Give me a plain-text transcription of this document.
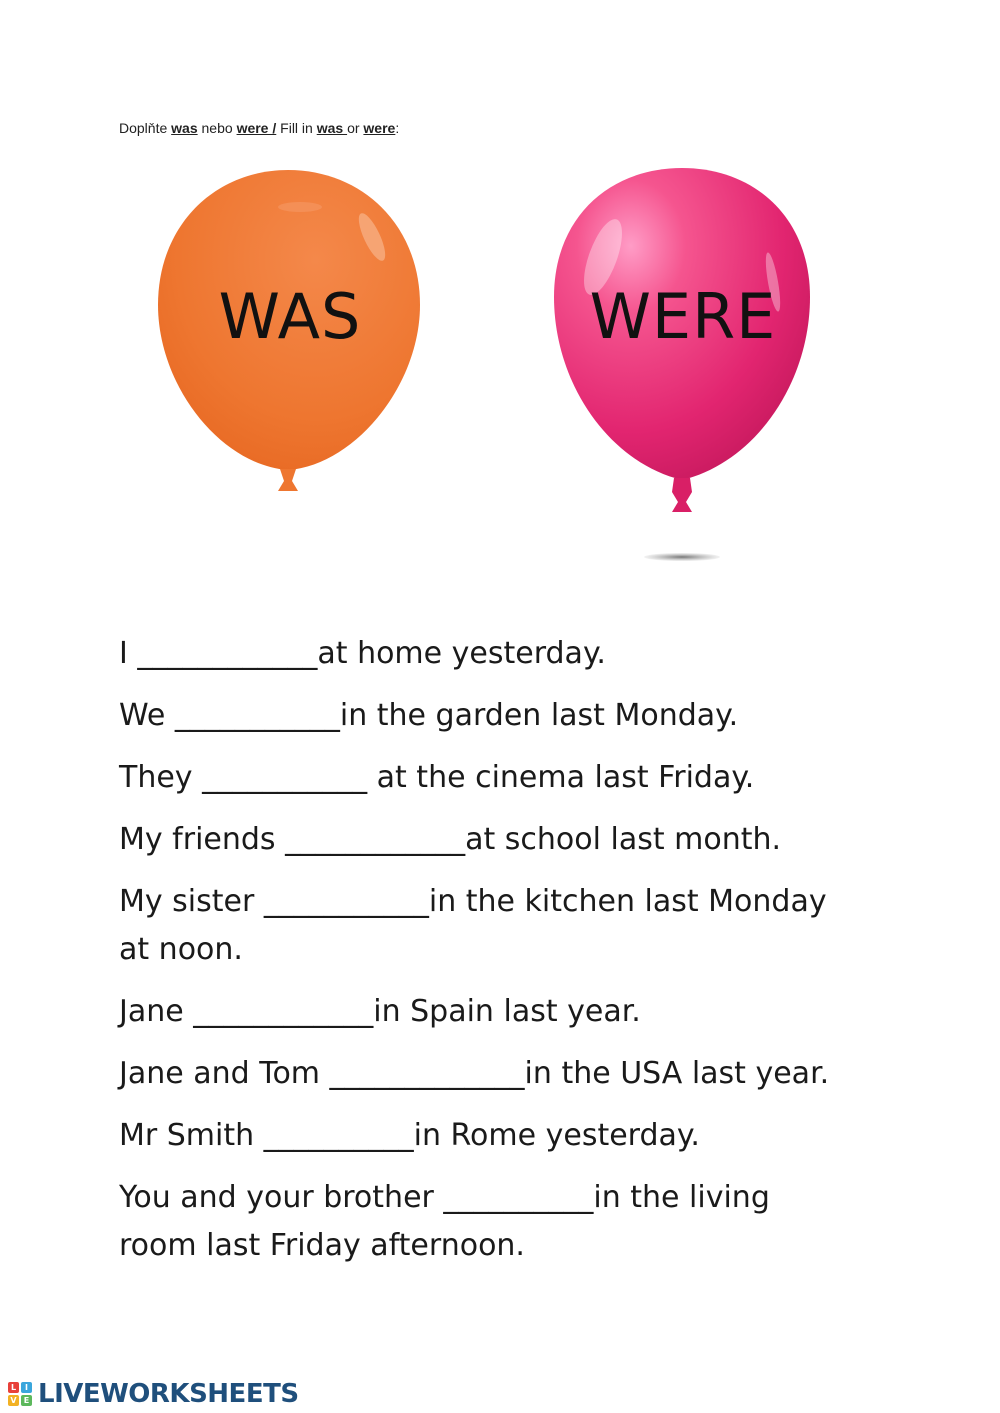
Doplňte was nebo were / Fill in was or were:
WAS	WERE
I ____________at home yesterday.
We ___________in the garden last Monday.
They ___________ at the cinema last Friday.
My friends ____________at school last month.
My sister ___________in the kitchen last Monday
at noon.
Jane ____________in Spain last year.
Jane and Tom _____________in the USA last year.
Mr Smith __________in Rome yesterday.
You and your brother __________in the living
room last Friday afternoon.
L	I
V E LIVEWORKSHEETS
